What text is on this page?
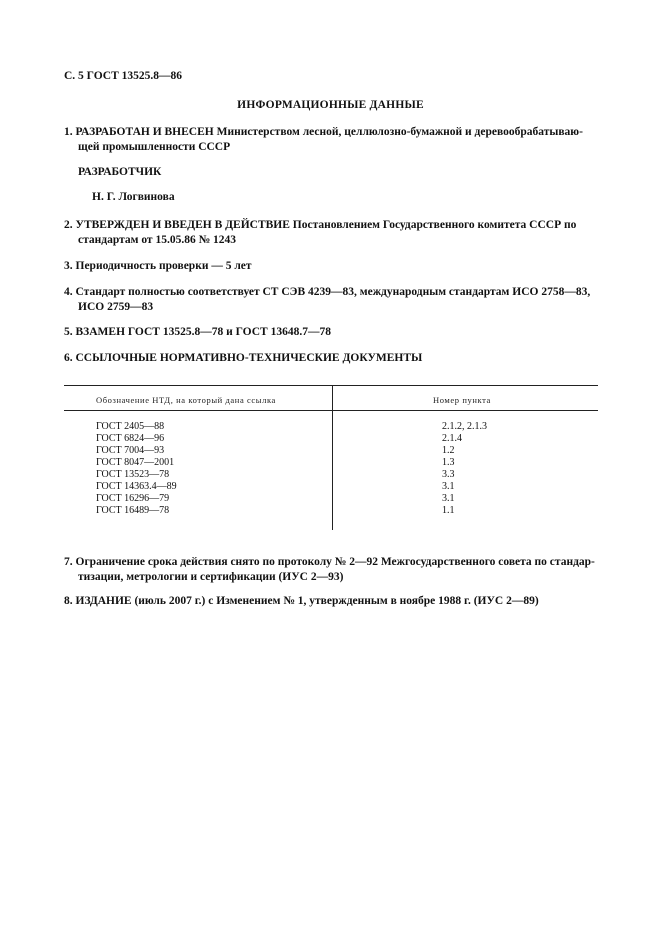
С. 5 ГОСТ 13525.8—86
ИНФОРМАЦИОННЫЕ ДАННЫЕ
1. РАЗРАБОТАН И ВНЕСЕН Министерством лесной, целлюлозно-бумажной и деревообрабатываю-
щей промышленности СССР
РАЗРАБОТЧИК
Н. Г. Логвинова
2. УТВЕРЖДЕН И ВВЕДЕН В ДЕЙСТВИЕ Постановлением Государственного комитета СССР по
стандартам от 15.05.86 № 1243
3. Периодичность проверки — 5 лет
4. Стандарт полностью соответствует СТ СЭВ 4239—83, международным стандартам ИСО 2758—83,
ИСО 2759—83
5. ВЗАМЕН ГОСТ 13525.8—78 и ГОСТ 13648.7—78
6. ССЫЛОЧНЫЕ НОРМАТИВНО-ТЕХНИЧЕСКИЕ ДОКУМЕНТЫ
Обозначение НТД, на который дана ссылка	Номер пункта
ГОСТ 2405—88	2.1.2, 2.1.3
ГОСТ 6824—96	2.1.4
ГОСТ 7004—93	1.2
ГОСТ 8047—2001	1.3
ГОСТ 13523—78	3.3
ГОСТ 14363.4—89	3.1
ГОСТ 16296—79	3.1
ГОСТ 16489—78	1.1
7. Ограничение срока действия снято по протоколу № 2—92 Межгосударственного совета по стандар-
тизации, метрологии и сертификации (ИУС 2—93)
8. ИЗДАНИЕ (июль 2007 г.) с Изменением № 1, утвержденным в ноябре 1988 г. (ИУС 2—89)
